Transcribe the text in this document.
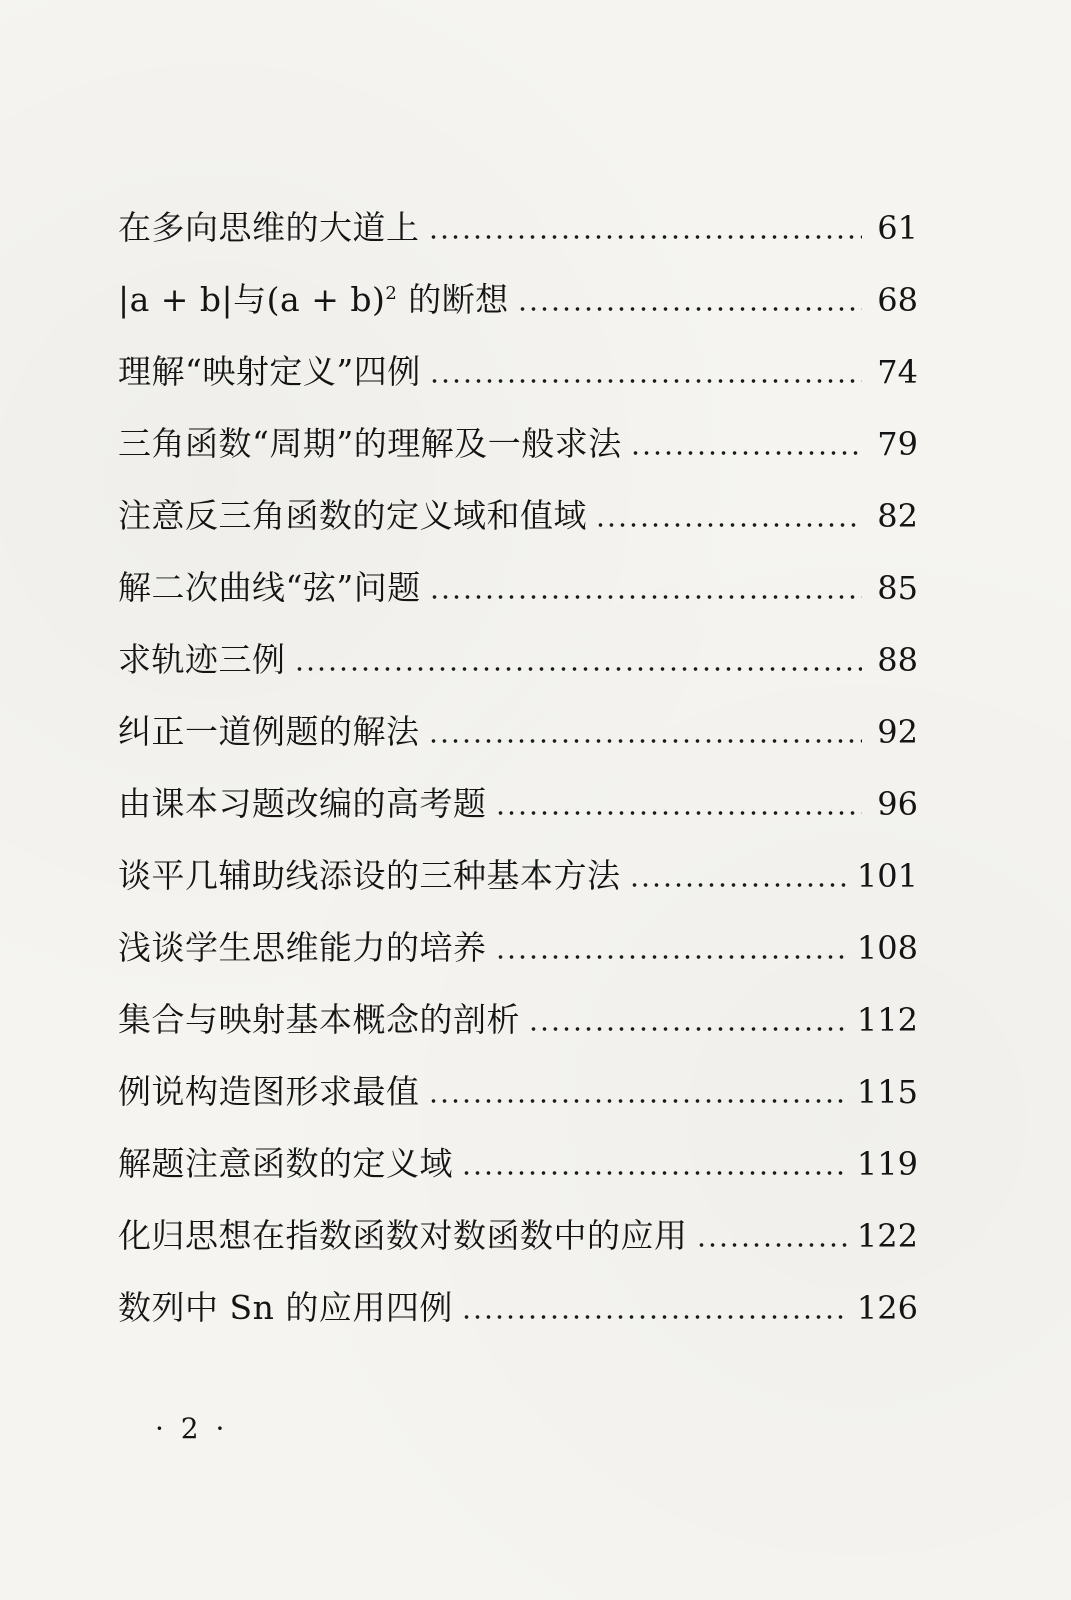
在多向思维的大道上	61
|a + b|与$(a + b)^2$ 的断想	68
理解“映射定义”四例	74
三角函数“周期”的理解及一般求法	79
注意反三角函数的定义域和值域	82
解二次曲线“弦”问题	85
求轨迹三例	88
纠正一道例题的解法	92
由课本习题改编的高考题	96
谈平几辅助线添设的三种基本方法	101
浅谈学生思维能力的培养	108
集合与映射基本概念的剖析	112
例说构造图形求最值	115
解题注意函数的定义域	119
化归思想在指数函数对数函数中的应用	122
数列中 Sn 的应用四例	126
· 2 ·
